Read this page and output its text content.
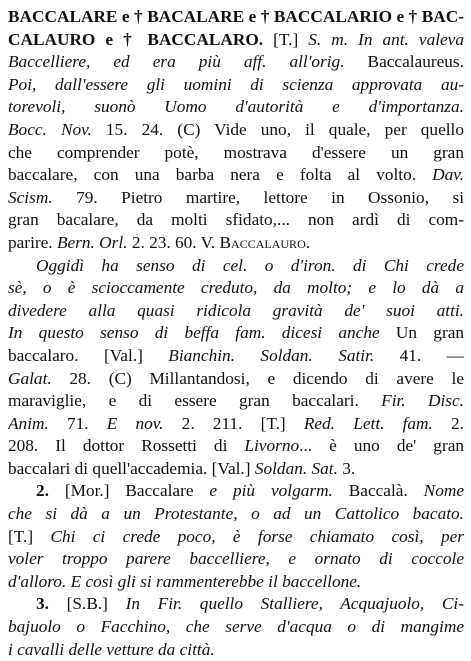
BACCALARE e † BACALARE e † BACCALARIO e † BAC-
CALAURO e † BACCALARO. [T.] S. m. In ant. valeva
Baccelliere, ed era più aff. all'orig. Baccalaureus.
Poi, dall'essere gli uomini di scienza approvata au-
torevoli, suonò Uomo d'autorità e d'importanza.
Bocc. Nov. 15. 24. (C) Vide uno, il quale, per quello
che comprender potè, mostrava d'essere un gran
baccalare, con una barba nera e folta al volto. Dav.
Scism. 79. Pietro martire, lettore in Ossonio, si
gran bacalare, da molti sfidato,... non ardì di com-
parire. Bern. Orl. 2. 23. 60. V. Baccalauro.
Oggidì ha senso di cel. o d'iron. di Chi crede
sè, o è scioccamente creduto, da molto; e lo dà a
divedere alla quasi ridicola gravità de' suoi atti.
In questo senso di beffa fam. dicesi anche Un gran
baccalaro. [Val.] Bianchin. Soldan. Satir. 41. —
Galat. 28. (C) Millantandosi, e dicendo di avere le
maraviglie, e di essere gran baccalari. Fir. Disc.
Anim. 71. E nov. 2. 211. [T.] Red. Lett. fam. 2.
208. Il dottor Rossetti di Livorno... è uno de' gran
baccalari di quell'accademia. [Val.] Soldan. Sat. 3.
2. [Mor.] Baccalare e più volgarm. Baccalà. Nome
che si dà a un Protestante, o ad un Cattolico bacato.
[T.] Chi ci crede poco, è forse chiamato così, per
voler troppo parere baccelliere, e ornato di coccole
d'alloro. E così gli si rammenterebbe il baccellone.
3. [S.B.] In Fir. quello Stalliere, Acquajuolo, Ci-
bajuolo o Facchino, che serve d'acqua o di mangime
i cavalli delle vetture da città.
